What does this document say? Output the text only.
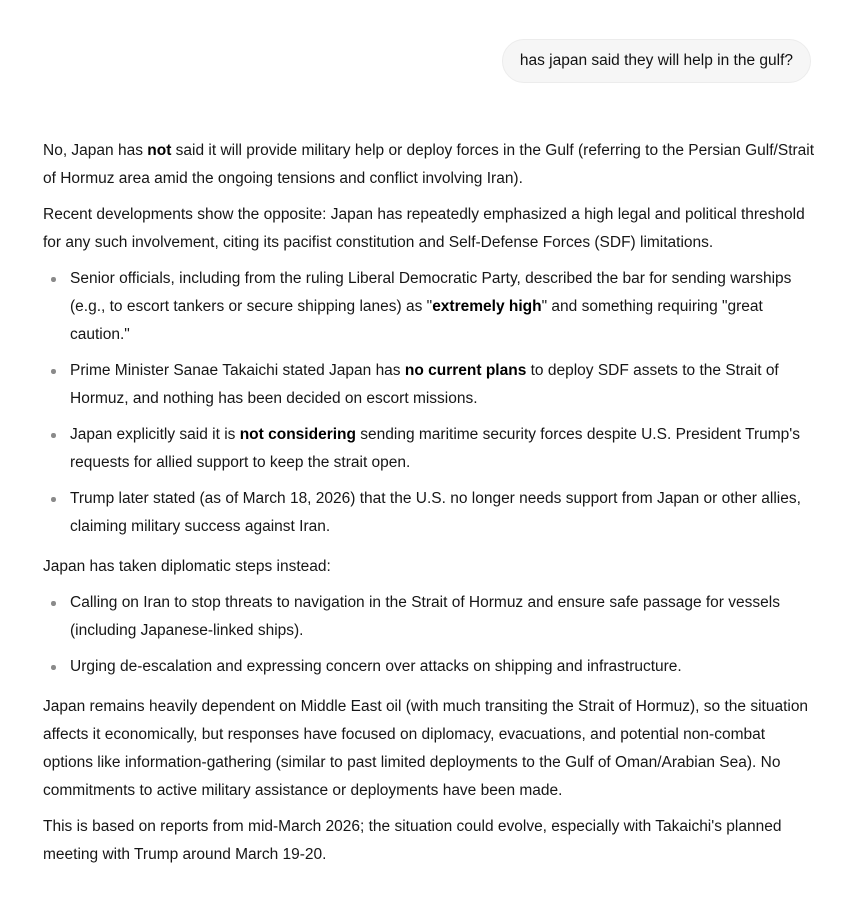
has japan said they will help in the gulf?

No, Japan has not said it will provide military help or deploy forces in the Gulf (referring to the Persian Gulf/Strait of Hormuz area amid the ongoing tensions and conflict involving Iran).

Recent developments show the opposite: Japan has repeatedly emphasized a high legal and political threshold for any such involvement, citing its pacifist constitution and Self-Defense Forces (SDF) limitations.

Senior officials, including from the ruling Liberal Democratic Party, described the bar for sending warships (e.g., to escort tankers or secure shipping lanes) as "extremely high" and something requiring "great caution."
Prime Minister Sanae Takaichi stated Japan has no current plans to deploy SDF assets to the Strait of Hormuz, and nothing has been decided on escort missions.
Japan explicitly said it is not considering sending maritime security forces despite U.S. President Trump's requests for allied support to keep the strait open.
Trump later stated (as of March 18, 2026) that the U.S. no longer needs support from Japan or other allies, claiming military success against Iran.

Japan has taken diplomatic steps instead:

Calling on Iran to stop threats to navigation in the Strait of Hormuz and ensure safe passage for vessels (including Japanese-linked ships).
Urging de-escalation and expressing concern over attacks on shipping and infrastructure.

Japan remains heavily dependent on Middle East oil (with much transiting the Strait of Hormuz), so the situation affects it economically, but responses have focused on diplomacy, evacuations, and potential non-combat options like information-gathering (similar to past limited deployments to the Gulf of Oman/Arabian Sea). No commitments to active military assistance or deployments have been made.

This is based on reports from mid-March 2026; the situation could evolve, especially with Takaichi's planned meeting with Trump around March 19-20.
